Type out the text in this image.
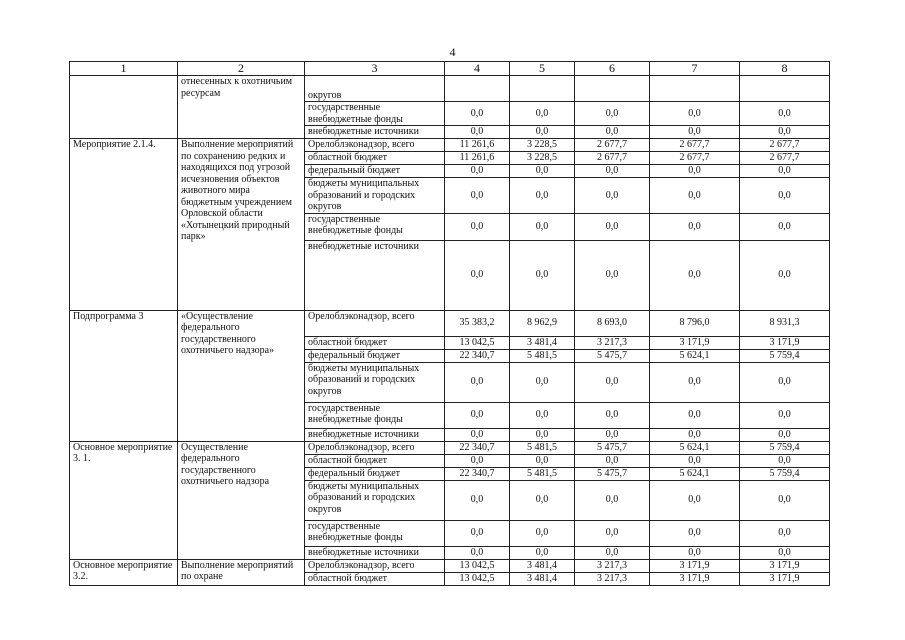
4
1	2	3	4	5	6	7	8
	отнесенных к охотничьим ресурсам	округов					
		государственные внебюджетные фонды	0,0	0,0	0,0	0,0	0,0
		внебюджетные источники	0,0	0,0	0,0	0,0	0,0
Мероприятие 2.1.4.	Выполнение мероприятий по сохранению редких и находящихся под угрозой исчезновения объектов животного мира бюджетным учреждением Орловской области «Хотынецкий природный парк»	Орелоблэконадзор, всего	11 261,6	3 228,5	2 677,7	2 677,7	2 677,7
		областной бюджет	11 261,6	3 228,5	2 677,7	2 677,7	2 677,7
		федеральный бюджет	0,0	0,0	0,0	0,0	0,0
		бюджеты муниципальных образований и городских округов	0,0	0,0	0,0	0,0	0,0
		государственные внебюджетные фонды	0,0	0,0	0,0	0,0	0,0
		внебюджетные источники	0,0	0,0	0,0	0,0	0,0
Подпрограмма 3	«Осуществление федерального государственного охотничьего надзора»	Орелоблэконадзор, всего	35 383,2	8 962,9	8 693,0	8 796,0	8 931,3
		областной бюджет	13 042,5	3 481,4	3 217,3	3 171,9	3 171,9
		федеральный бюджет	22 340,7	5 481,5	5 475,7	5 624,1	5 759,4
		бюджеты муниципальных образований и городских округов	0,0	0,0	0,0	0,0	0,0
		государственные внебюджетные фонды	0,0	0,0	0,0	0,0	0,0
		внебюджетные источники	0,0	0,0	0,0	0,0	0,0
Основное мероприятие 3. 1.	Осуществление федерального государственного охотничьего надзора	Орелоблэконадзор, всего	22 340,7	5 481,5	5 475,7	5 624,1	5 759,4
		областной бюджет	0,0	0,0	0,0	0,0	0,0
		федеральный бюджет	22 340,7	5 481,5	5 475,7	5 624,1	5 759,4
		бюджеты муниципальных образований и городских округов	0,0	0,0	0,0	0,0	0,0
		государственные внебюджетные фонды	0,0	0,0	0,0	0,0	0,0
		внебюджетные источники	0,0	0,0	0,0	0,0	0,0
Основное мероприятие 3.2.	Выполнение мероприятий по охране	Орелоблэконадзор, всего	13 042,5	3 481,4	3 217,3	3 171,9	3 171,9
		областной бюджет	13 042,5	3 481,4	3 217,3	3 171,9	3 171,9
